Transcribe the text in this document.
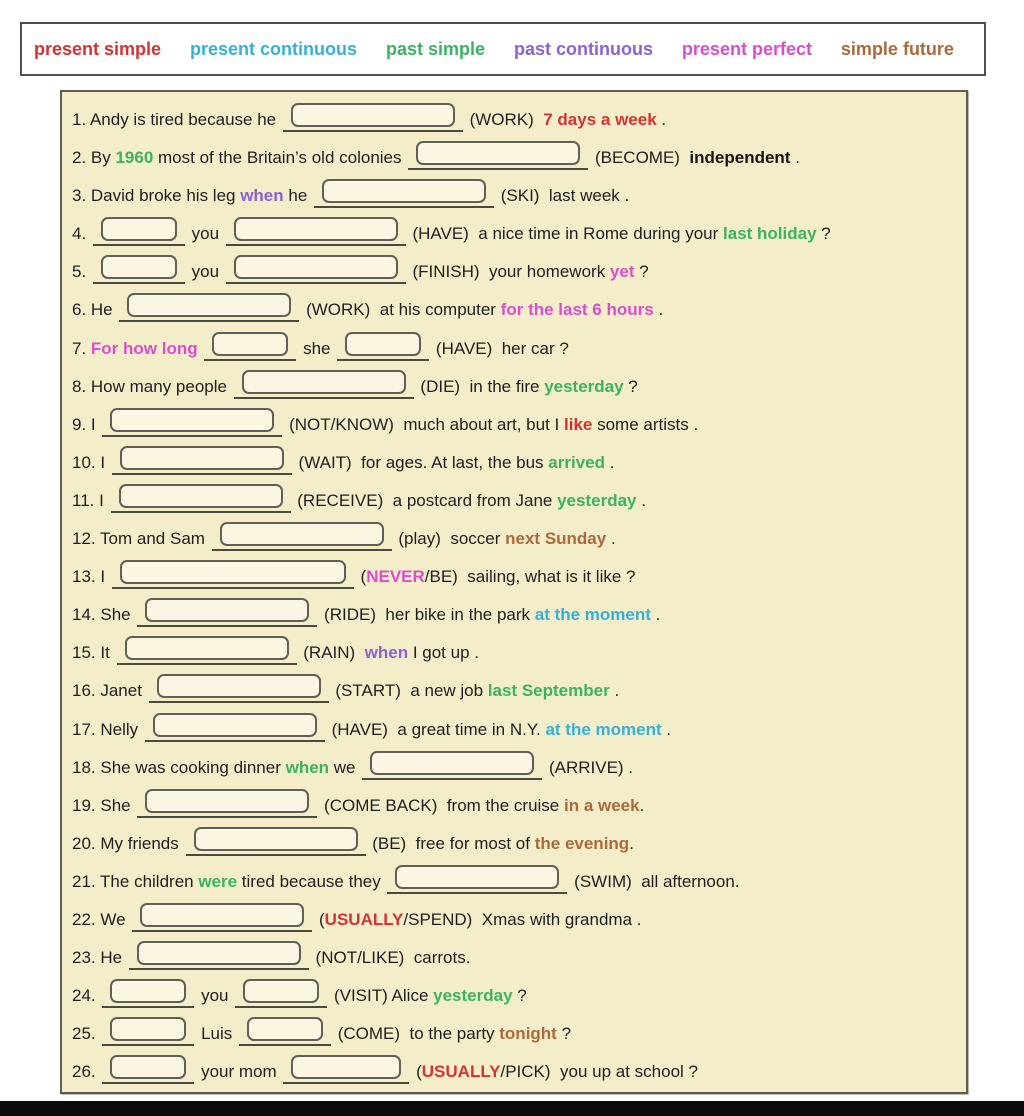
present simple present continuous past simple past continuous present perfect simple future
1. Andy is tired because he	(WORK)  7 days a week .
2. By 1960 most of the Britain’s old colonies	(BECOME)  independent .
3. David broke his leg when he	(SKI)  last week .
4.	you	(HAVE)  a nice time in Rome during your last holiday ?
5.	you	(FINISH)  your homework yet ?
6. He	(WORK)  at his computer for the last 6 hours .
7. For how long	she	(HAVE)  her car ?
8. How many people	(DIE)  in the fire yesterday ?
9. I	(NOT/KNOW)  much about art, but I like some artists .
10. I	(WAIT)  for ages. At last, the bus arrived .
11. I	(RECEIVE)  a postcard from Jane yesterday .
12. Tom and Sam	(play)  soccer next Sunday .
13. I	(NEVER/BE)  sailing, what is it like ?
14. She	(RIDE)  her bike in the park at the moment .
15. It	(RAIN)  when I got up .
16. Janet	(START)  a new job last September .
17. Nelly	(HAVE)  a great time in N.Y. at the moment .
18. She was cooking dinner when we	(ARRIVE) .
19. She	(COME BACK)  from the cruise in a week.
20. My friends	(BE)  free for most of the evening.
21. The children were tired because they	(SWIM)  all afternoon.
22. We	(USUALLY/SPEND)  Xmas with grandma .
23. He	(NOT/LIKE)  carrots.
24.	you	(VISIT) Alice yesterday ?
25.	Luis	(COME)  to the party tonight ?
26.	your mom	(USUALLY/PICK)  you up at school ?
